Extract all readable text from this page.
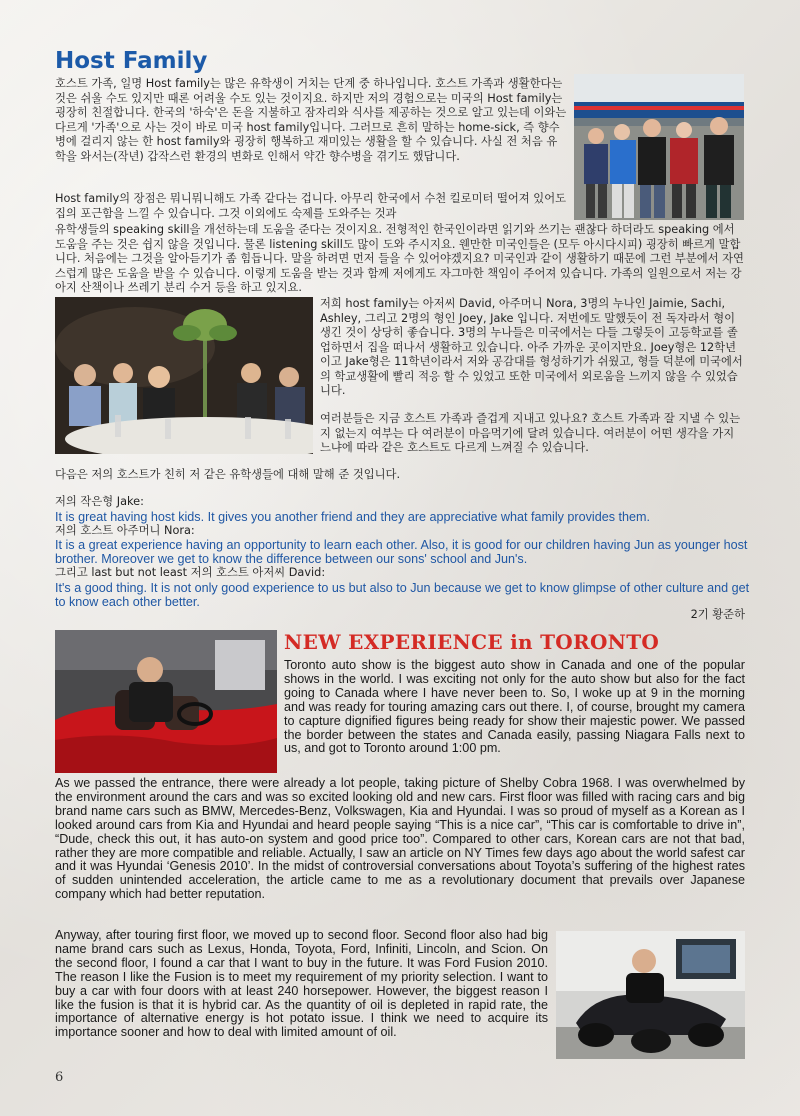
Host Family
호스트 가족, 일명 Host family는 많은 유학생이 거치는 단계 중 하나입니다. 호스트 가족과 생활한다는 것은 쉬울 수도 있지만 때론 어려울 수도 있는 것이지요. 하지만 저의 경험으로는 미국의 Host family는 굉장히 친절합니다. 한국의 '하숙'은 돈을 지불하고 잠자리와 식사를 제공하는 것으로 알고 있는데 이와는 다르게 '가족'으로 사는 것이 바로 미국 host family입니다. 그러므로 흔히 말하는 home-sick, 즉 향수병에 걸리지 않는 한 host family와 굉장히 행복하고 재미있는 생활을 할 수 있습니다. 사실 전 처음 유학을 와서는(작년) 갑작스런 환경의 변화로 인해서 약간 향수병을 겪기도 했답니다.
Host family의 장점은 뭐니뭐니해도 가족 같다는 겁니다. 아무리 한국에서 수천 킬로미터 떨어져 있어도 집의 포근함을 느낄 수 있습니다. 그것 이외에도 숙제를 도와주는 것과
유학생들의 speaking skill을 개선하는데 도움을 준다는 것이지요. 전형적인 한국인이라면 읽기와 쓰기는 괜찮다 하더라도 speaking 에서 도움을 주는 것은 쉽지 않을 것입니다. 물론 listening skill도 많이 도와 주시지요. 웬만한 미국인들은 (모두 아시다시피) 굉장히 빠르게 말합니다. 처음에는 그것을 알아듣기가 좀 힘듭니다. 말을 하려면 먼저 들을 수 있어야겠지요? 미국인과 같이 생활하기 때문에 그런 부분에서 자연스럽게 많은 도움을 받을 수 있습니다. 이렇게 도움을 받는 것과 함께 저에게도 자그마한 책임이 주어져 있습니다. 가족의 일원으로서 저는 강아지 산책이나 쓰레기 분리 수거 등을 하고 있지요.
저희 host family는 아저씨 David, 아주머니 Nora, 3명의 누나인 Jaimie, Sachi, Ashley, 그리고 2명의 형인 Joey, Jake 입니다. 저번에도 말했듯이 전 독자라서 형이 생긴 것이 상당히 좋습니다. 3명의 누나들은 미국에서는 다들 그렇듯이 고등학교를 졸업하면서 집을 떠나서 생활하고 있습니다. 아주 가까운 곳이지만요. Joey형은 12학년이고 Jake형은 11학년이라서 저와 공감대를 형성하기가 쉬웠고, 형들 덕분에 미국에서의 학교생활에 빨리 적응 할 수 있었고 또한 미국에서 외로움을 느끼지 않을 수 있었습니다.
여러분들은 지금 호스트 가족과 즐겁게 지내고 있나요? 호스트 가족과 잘 지낼 수 있는지 없는지 여부는 다 여러분이 마음먹기에 달려 있습니다. 여러분이 어떤 생각을 가지느냐에 따라 같은 호스트도 다르게 느껴질 수 있습니다.
다음은 저의 호스트가 친히 저 같은 유학생들에 대해 말해 준 것입니다.
저의 작은형 Jake:
It is great having host kids. It gives you another friend and they are appreciative what family provides them.
저의 호스트 아주머니 Nora:
It is a great experience having an opportunity to learn each other. Also, it is good for our children having Jun as younger host brother. Moreover we get to know the difference between our sons' school and Jun's.
그리고 last but not least 저의 호스트 아저씨 David:
It's a good thing. It is not only good experience to us but also to Jun because we get to know glimpse of other culture and get to know each other better.
2기 황준하
NEW EXPERIENCE in TORONTO
Toronto auto show is the biggest auto show in Canada and one of the popular shows in the world. I was exciting not only for the auto show but also for the fact going to Canada where I have never been to. So, I woke up at 9 in the morning and was ready for touring amazing cars out there. I, of course, brought my camera to capture dignified figures being ready for show their majestic power. We passed the border between the states and Canada easily, passing Niagara Falls next to us, and got to Toronto around 1:00 pm.
As we passed the entrance, there were already a lot people, taking picture of Shelby Cobra 1968. I was overwhelmed by the environment around the cars and was so excited looking old and new cars. First floor was filled with racing cars and big brand name cars such as BMW, Mercedes-Benz, Volkswagen, Kia and Hyundai. I was so proud of myself as a Korean as I looked around cars from Kia and Hyundai and heard people saying “This is a nice car”, “This car is comfortable to drive in”, “Dude, check this out, it has auto-on system and good price too”. Compared to other cars, Korean cars are not that bad, rather they are more compatible and reliable. Actually, I saw an article on NY Times few days ago about the world safest car and it was Hyundai ‘Genesis 2010’. In the midst of controversial conversations about Toyota’s suffering of the highest rates of sudden unintended acceleration, the article came to me as a revolutionary document that prevails over Japanese company which had better reputation.
Anyway, after touring first floor, we moved up to second floor. Second floor also had big name brand cars such as Lexus, Honda, Toyota, Ford, Infiniti, Lincoln, and Scion. On the second floor, I found a car that I want to buy in the future. It was Ford Fusion 2010. The reason I like the Fusion is to meet my requirement of my priority selection. I want to buy a car with four doors with at least 240 horsepower. However, the biggest reason I like the fusion is that it is hybrid car. As the quantity of oil is depleted in rapid rate, the importance of alternative energy is hot potato issue. I think we need to acquire its importance sooner and how to deal with limited amount of oil.
6
